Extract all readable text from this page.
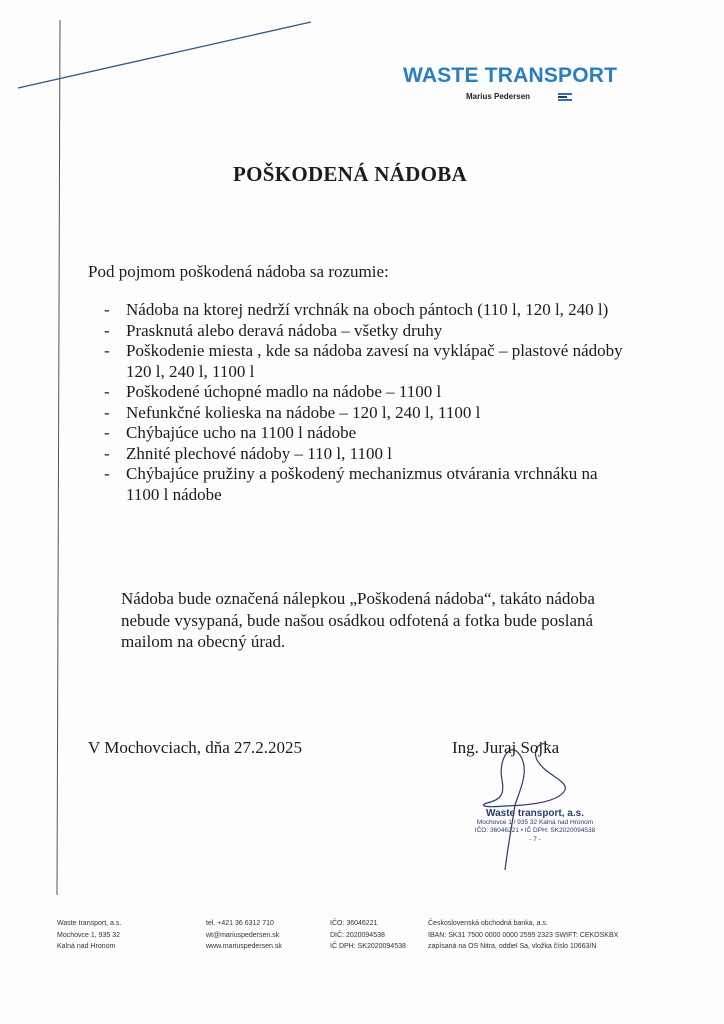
WASTE TRANSPORT
Marius Pedersen
POŠKODENÁ NÁDOBA
Pod pojmom poškodená nádoba sa rozumie:
- Nádoba na ktorej nedrží vrchnák na oboch pántoch (110 l, 120 l, 240 l)
- Prasknutá alebo deravá nádoba – všetky druhy
- Poškodenie miesta , kde sa nádoba zavesí na vyklápač – plastové nádoby 120 l, 240 l, 1100 l
- Poškodené úchopné madlo na nádobe – 1100 l
- Nefunkčné kolieska na nádobe – 120 l, 240 l, 1100 l
- Chýbajúce ucho na 1100 l nádobe
- Zhnité plechové nádoby – 110 l, 1100 l
- Chýbajúce pružiny a poškodený mechanizmus otvárania vrchnáku na 1100 l nádobe
Nádoba bude označená nálepkou „Poškodená nádoba“, takáto nádoba nebude vysypaná, bude našou osádkou odfotená a fotka bude poslaná mailom na obecný úrad.
V Mochovciach, dňa 27.2.2025	Ing. Juraj Sojka
Waste transport, a.s.
Mochovce 1 / 935 32 Kalná nad Hronom
IČO: 36046221 • IČ DPH: SK2020094538
- 7 -
Waste transport, a.s.
Mochovce 1, 935 32
Kalná nad Hronom
tel. +421 36 6312 710
wt@mariuspedersen.sk
www.mariuspedersen.sk
IČO: 36046221
DIČ: 2020094538
IČ DPH: SK2020094538
Československá obchodná banka, a.s.
IBAN: SK31 7500 0000 0000 2595 2323 SWIFT: CEKOSKBX
zapísaná na OS Nitra, oddiel Sa, vložka číslo 10663/N
